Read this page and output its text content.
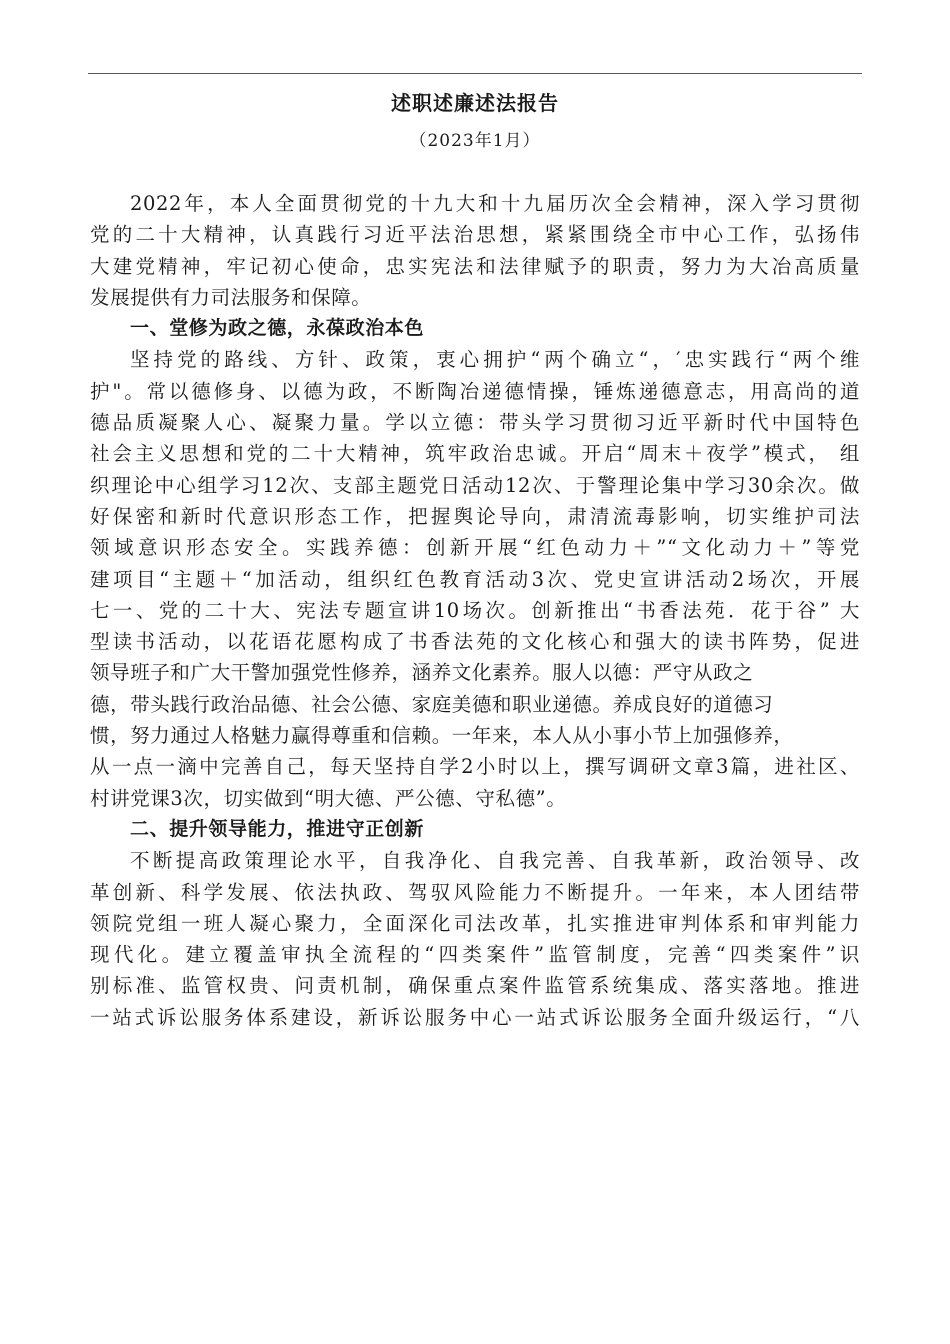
述职述廉述法报告
（2023年1月）
2022年，本人全面贯彻党的十九大和十九届历次全会精神，深入学习贯彻
党的二十大精神，认真践行习近平法治思想，紧紧围绕全市中心工作，弘扬伟
大建党精神，牢记初心使命，忠实宪法和法律赋予的职责，努力为大冶高质量
发展提供有力司法服务和保障。
一、堂修为政之德，永葆政治本色
坚持党的路线、方针、政策，衷心拥护“两个确立“，′忠实践行“两个维
护"。常以德修身、以德为政，不断陶冶递德情操，锤炼递德意志，用高尚的道
德品质凝聚人心、凝聚力量。学以立德：带头学习贯彻习近平新时代中国特色
社会主义思想和党的二十大精神，筑牢政治忠诚。开启“周末＋夜学”模式， 组
织理论中心组学习12次、支部主题党日活动12次、于警理论集中学习30余次。做
好保密和新时代意识形态工作，把握舆论导向，肃清流毒影响，切实维护司法
领域意识形态安全。实践养德：创新开展“红色动力＋”“文化动力＋”等党
建项目“主题＋“加活动，组织红色教育活动3次、党史宣讲活动2场次，开展
七一、党的二十大、宪法专题宣讲10场次。创新推出“书香法苑．花于谷” 大
型读书活动，以花语花愿构成了书香法苑的文化核心和强大的读书阵势，促进
领导班子和广大干警加强党性修养，涵养文化素养。服人以德：严守从政之
德，带头践行政治品德、社会公德、家庭美德和职业递德。养成良好的道德习
惯，努力通过人格魅力赢得尊重和信赖。一年来，本人从小事小节上加强修养，
从一点一滴中完善自己，每天坚持自学2小时以上，撰写调研文章3篇，进社区、
村讲党课3次，切实做到“明大德、严公德、守私德”。
二、提升领导能力，推进守正创新
不断提高政策理论水平，自我净化、自我完善、自我革新，政治领导、改
革创新、科学发展、依法执政、驾驭风险能力不断提升。一年来，本人团结带
领院党组一班人凝心聚力，全面深化司法改革，扎实推进审判体系和审判能力
现代化。建立覆盖审执全流程的“四类案件”监管制度，完善“四类案件”识
别标准、监管权贵、问责机制，确保重点案件监管系统集成、落实落地。推进
一站式诉讼服务体系建设，新诉讼服务中心一站式诉讼服务全面升级运行，“八
